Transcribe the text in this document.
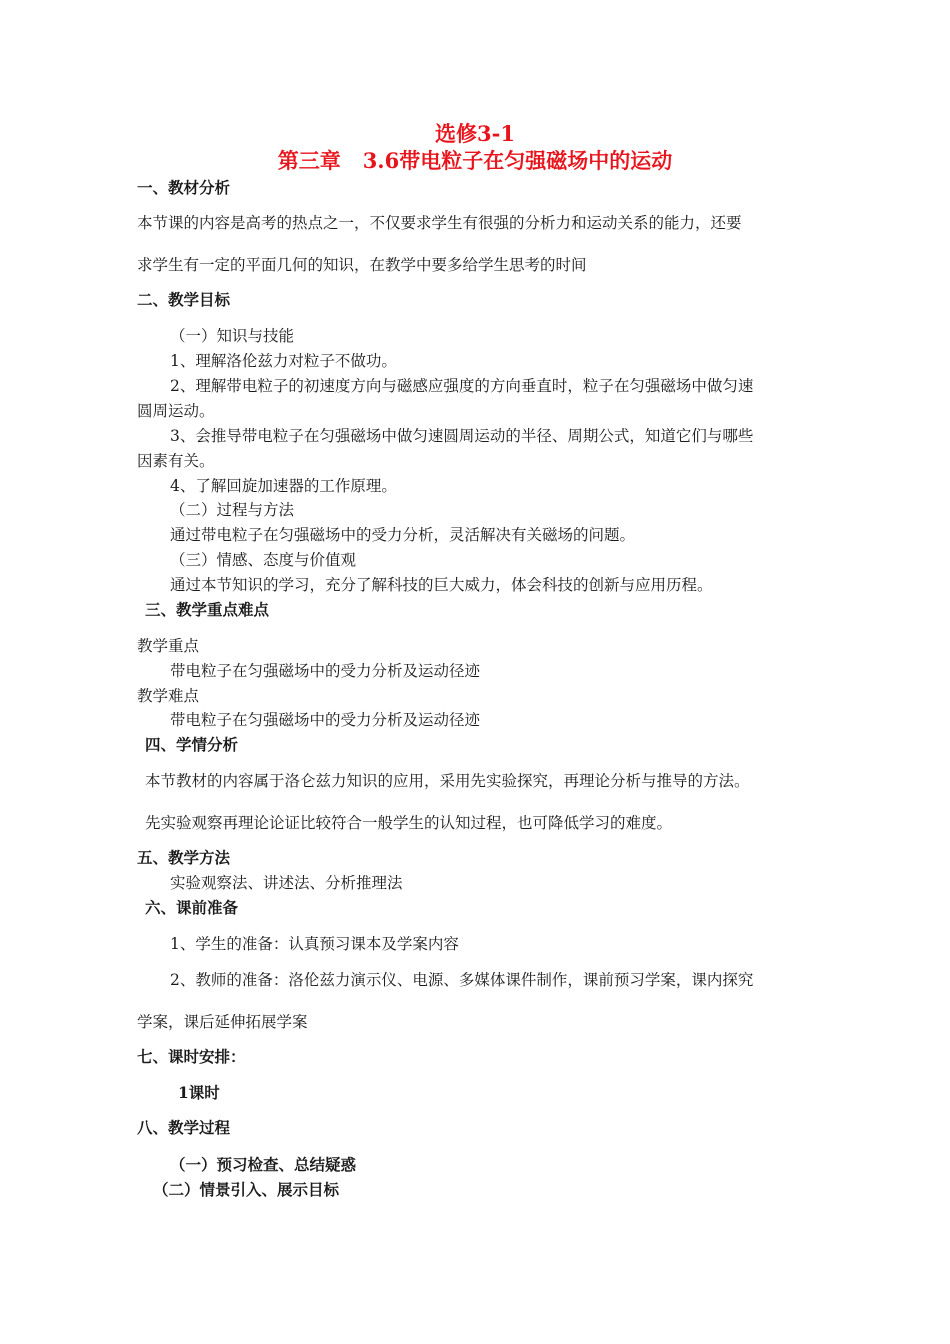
选修3-1
第三章   3.6带电粒子在匀强磁场中的运动
一、教材分析
本节课的内容是高考的热点之一，不仅要求学生有很强的分析力和运动关系的能力，还要
求学生有一定的平面几何的知识，在教学中要多给学生思考的时间
二、教学目标
（一）知识与技能
1、理解洛伦兹力对粒子不做功。
2、理解带电粒子的初速度方向与磁感应强度的方向垂直时，粒子在匀强磁场中做匀速
圆周运动。
3、会推导带电粒子在匀强磁场中做匀速圆周运动的半径、周期公式，知道它们与哪些
因素有关。
4、了解回旋加速器的工作原理。
（二）过程与方法
通过带电粒子在匀强磁场中的受力分析，灵活解决有关磁场的问题。
（三）情感、态度与价值观
通过本节知识的学习，充分了解科技的巨大威力，体会科技的创新与应用历程。
三、教学重点难点
教学重点
带电粒子在匀强磁场中的受力分析及运动径迹
教学难点
带电粒子在匀强磁场中的受力分析及运动径迹
四、学情分析
本节教材的内容属于洛仑兹力知识的应用，采用先实验探究，再理论分析与推导的方法。
先实验观察再理论论证比较符合一般学生的认知过程，也可降低学习的难度。
五、教学方法
实验观察法、讲述法、分析推理法
六、课前准备
1、学生的准备：认真预习课本及学案内容
2、教师的准备：洛伦兹力演示仪、电源、多媒体课件制作，课前预习学案，课内探究
学案，课后延伸拓展学案
七、课时安排：
1课时
八、教学过程
（一）预习检查、总结疑惑
（二）情景引入、展示目标
